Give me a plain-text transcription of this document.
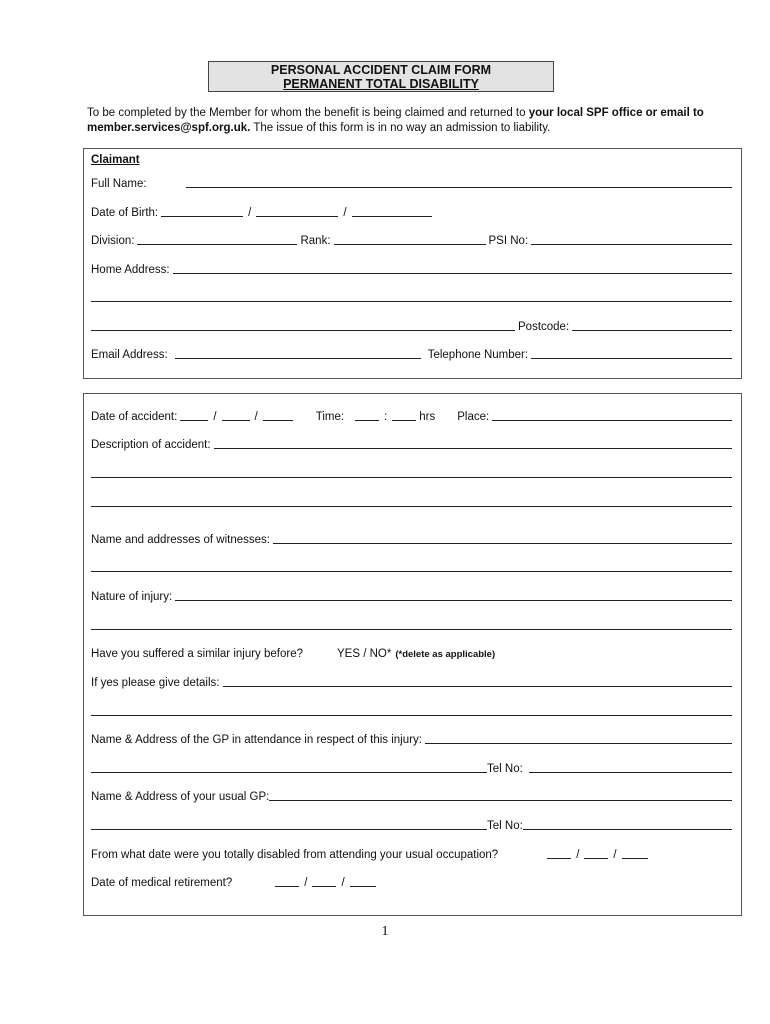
PERSONAL ACCIDENT CLAIM FORM
PERMANENT TOTAL DISABILITY
To be completed by the Member for whom the benefit is being claimed and returned to your local SPF office or email to member.services@spf.org.uk. The issue of this form is in no way an admission to liability.
Claimant
Full Name:
Date of Birth:	/	/
Division:	Rank:	PSI No:
Home Address:
Postcode:
Email Address:	Telephone Number:
Date of accident:	/	/	Time:	:	hrs Place:
Description of accident:
Name and addresses of witnesses:
Nature of injury:
Have you suffered a similar injury before?	YES / NO* (*delete as applicable)
If yes please give details:
Name & Address of the GP in attendance in respect of this injury:
Tel No:
Name & Address of your usual GP:
Tel No:
From what date were you totally disabled from attending your usual occupation?	/	/
Date of medical retirement?	/	/
1
